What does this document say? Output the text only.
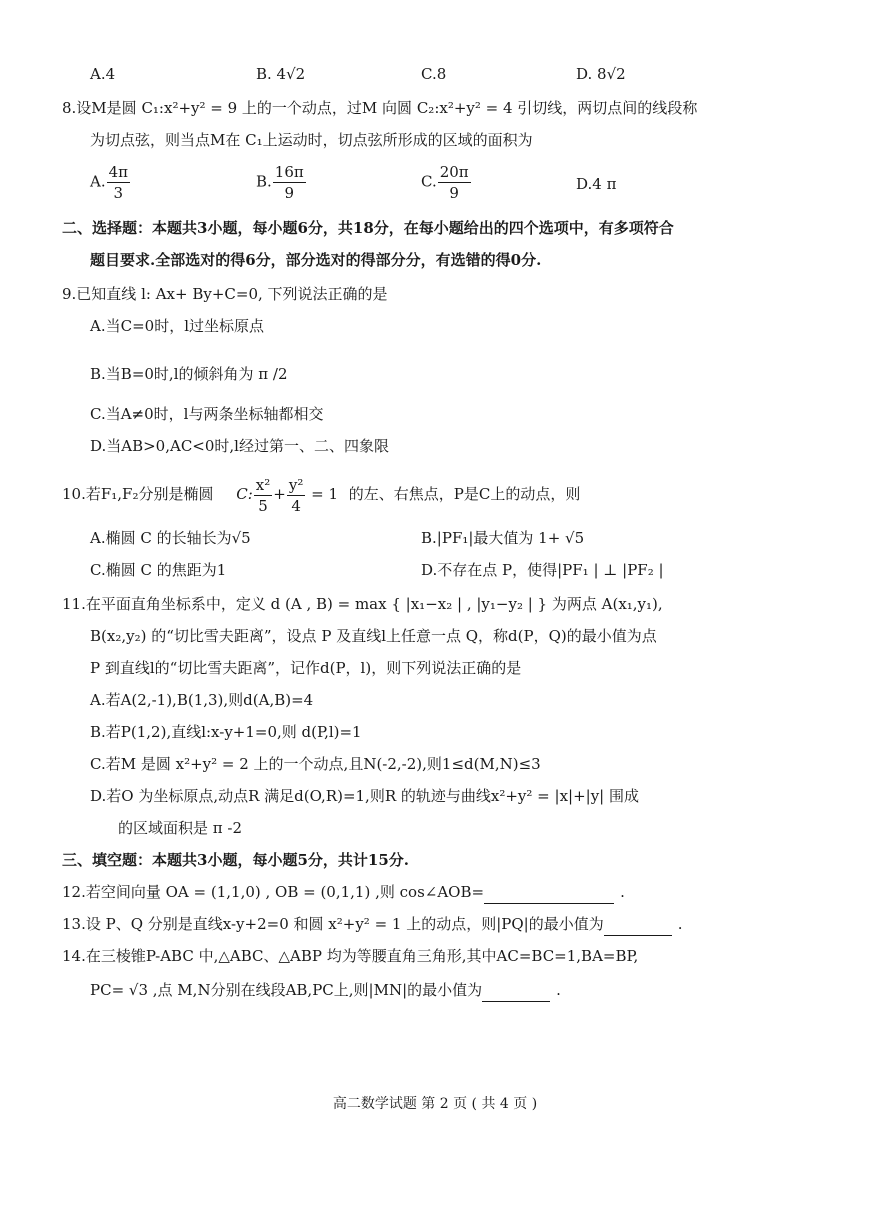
A.4	B. 4√2	C.8	D. 8√2
8.设M是圆 C₁:x²+y² = 9 上的一个动点，过M 向圆 C₂:x²+y² = 4 引切线，两切点间的线段称
为切点弦，则当点M在 C₁上运动时，切点弦所形成的区域的面积为
A. $\frac{4\pi}{3}$	B. $\frac{16\pi}{9}$	C. $\frac{20\pi}{9}$	D.4 π
二、选择题：本题共3小题，每小题6分，共18分，在每小题给出的四个选项中，有多项符合
题目要求.全部选对的得6分，部分选对的得部分分，有选错的得0分.
9.已知直线 l: Ax+ By+C=0, 下列说法正确的是
A.当C=0时，l过坐标原点
B.当B=0时,l的倾斜角为 π /2
C.当A≠0时，l与两条坐标轴都相交
D.当AB>0,AC<0时,l经过第一、二、四象限
10.若F₁,F₂分别是椭圆 C: $\frac{\text{x²}}{5} + \frac{\text{y²}}{4} = 1$ 的左、右焦点，P是C上的动点，则
A.椭圆 C 的长轴长为√5	B.|PF₁|最大值为 1+ √5
C.椭圆 C 的焦距为1	D.不存在点 P，使得|PF₁ | ⊥ |PF₂ |
11.在平面直角坐标系中，定义 d (A , B) = max { |x₁−x₂ | , |y₁−y₂ | } 为两点 A(x₁,y₁),
B(x₂,y₂) 的“切比雪夫距离”，设点 P 及直线l上任意一点 Q，称d(P，Q)的最小值为点
P 到直线l的“切比雪夫距离”，记作d(P，l)，则下列说法正确的是
A.若A(2,-1),B(1,3),则d(A,B)=4
B.若P(1,2),直线l:x-y+1=0,则 d(P,l)=1
C.若M 是圆 x²+y² = 2 上的一个动点,且N(-2,-2),则1≤d(M,N)≤3
D.若O 为坐标原点,动点R 满足d(O,R)=1,则R 的轨迹与曲线x²+y² = |x|+|y| 围成
的区域面积是 π -2
三、填空题：本题共3小题，每小题5分，共计15分.
12.若空间向量 OA = (1,1,0) , OB = (0,1,1) ,则 cos∠AOB=	.
13.设 P、Q 分别是直线x-y+2=0 和圆 x²+y² = 1 上的动点，则|PQ|的最小值为	.
14.在三棱锥P-ABC 中,△ABC、△ABP 均为等腰直角三角形,其中AC=BC=1,BA=BP,
PC= √3 ,点 M,N分别在线段AB,PC上,则|MN|的最小值为	.
高二数学试题 第 2 页 ( 共 4 页 )
